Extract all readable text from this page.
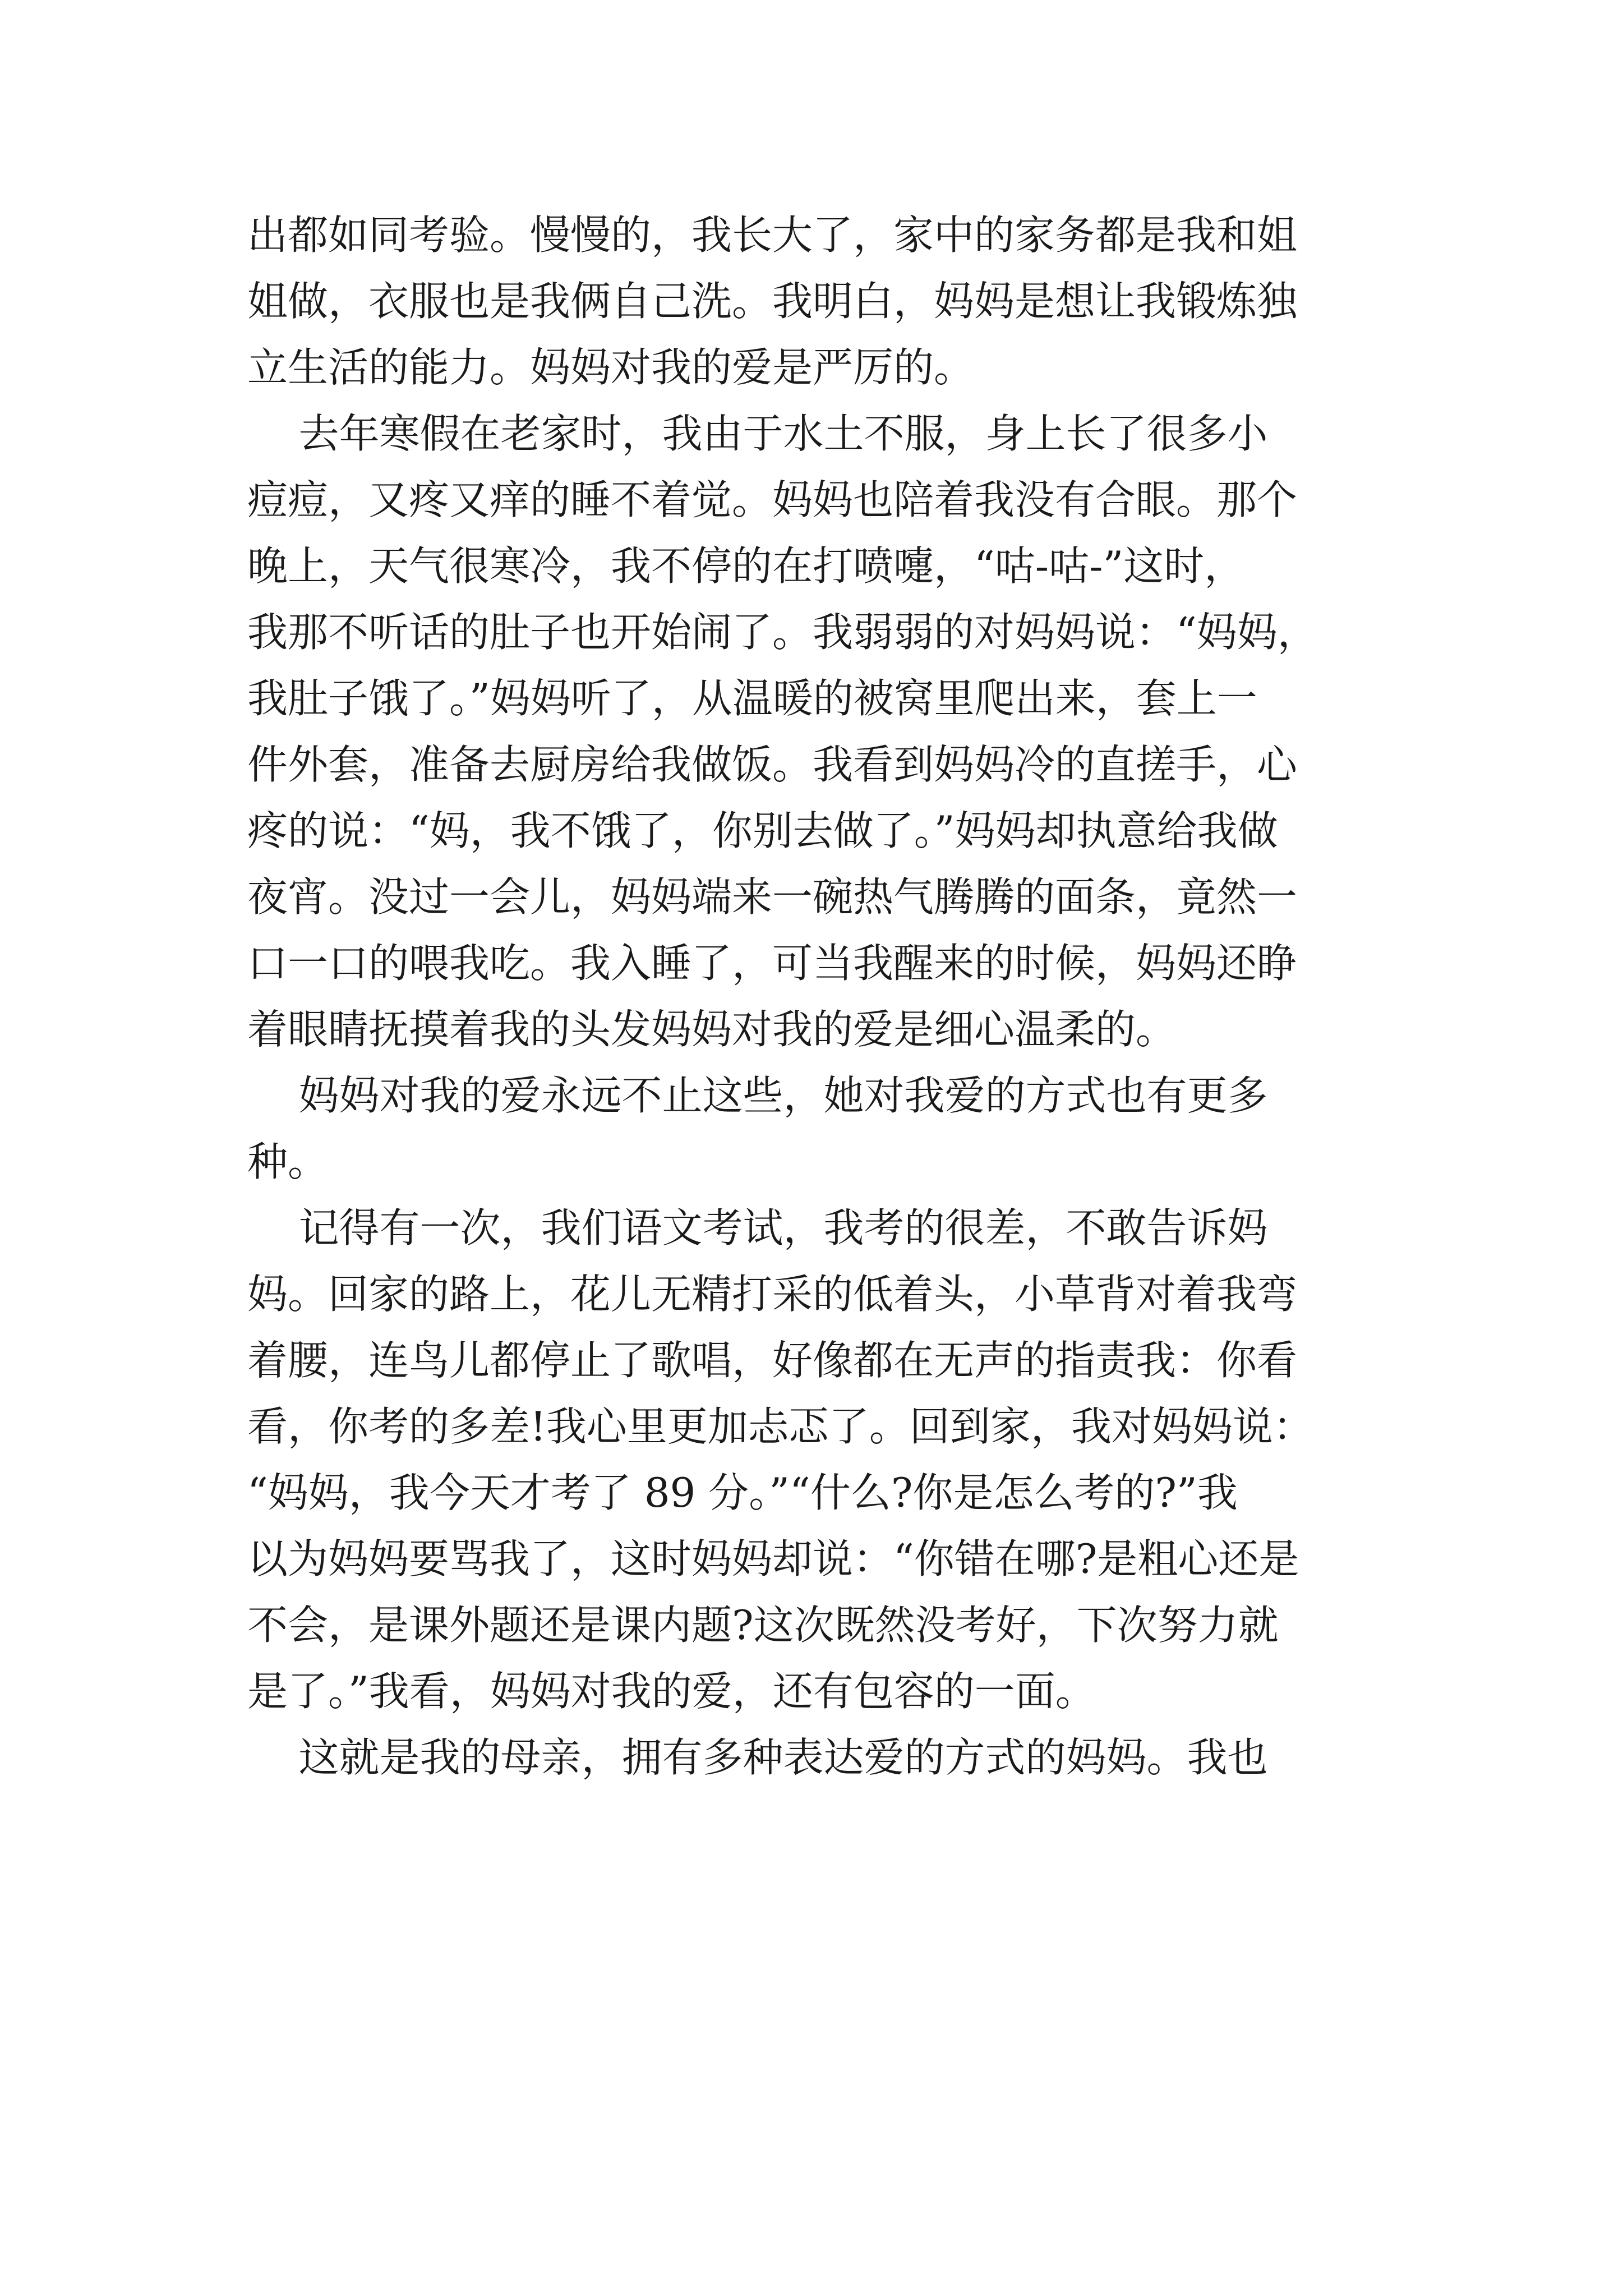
出都如同考验。慢慢的，我长大了，家中的家务都是我和姐
姐做，衣服也是我俩自己洗。我明白，妈妈是想让我锻炼独
立生活的能力。妈妈对我的爱是严厉的。
去年寒假在老家时，我由于水土不服，身上长了很多小
痘痘，又疼又痒的睡不着觉。妈妈也陪着我没有合眼。那个
晚上，天气很寒冷，我不停的在打喷嚏，“咕-咕-”这时，
我那不听话的肚子也开始闹了。我弱弱的对妈妈说：“妈妈，
我肚子饿了。”妈妈听了，从温暖的被窝里爬出来，套上一
件外套，准备去厨房给我做饭。我看到妈妈冷的直搓手，心
疼的说：“妈，我不饿了，你别去做了。”妈妈却执意给我做
夜宵。没过一会儿，妈妈端来一碗热气腾腾的面条，竟然一
口一口的喂我吃。我入睡了，可当我醒来的时候，妈妈还睁
着眼睛抚摸着我的头发妈妈对我的爱是细心温柔的。
妈妈对我的爱永远不止这些，她对我爱的方式也有更多
种。
记得有一次，我们语文考试，我考的很差，不敢告诉妈
妈。回家的路上，花儿无精打采的低着头，小草背对着我弯
着腰，连鸟儿都停止了歌唱，好像都在无声的指责我：你看
看，你考的多差!我心里更加忐忑了。回到家，我对妈妈说：
“妈妈，我今天才考了 89 分。”“什么?你是怎么考的?”我
以为妈妈要骂我了，这时妈妈却说：“你错在哪?是粗心还是
不会，是课外题还是课内题?这次既然没考好，下次努力就
是了。”我看，妈妈对我的爱，还有包容的一面。
这就是我的母亲，拥有多种表达爱的方式的妈妈。我也
